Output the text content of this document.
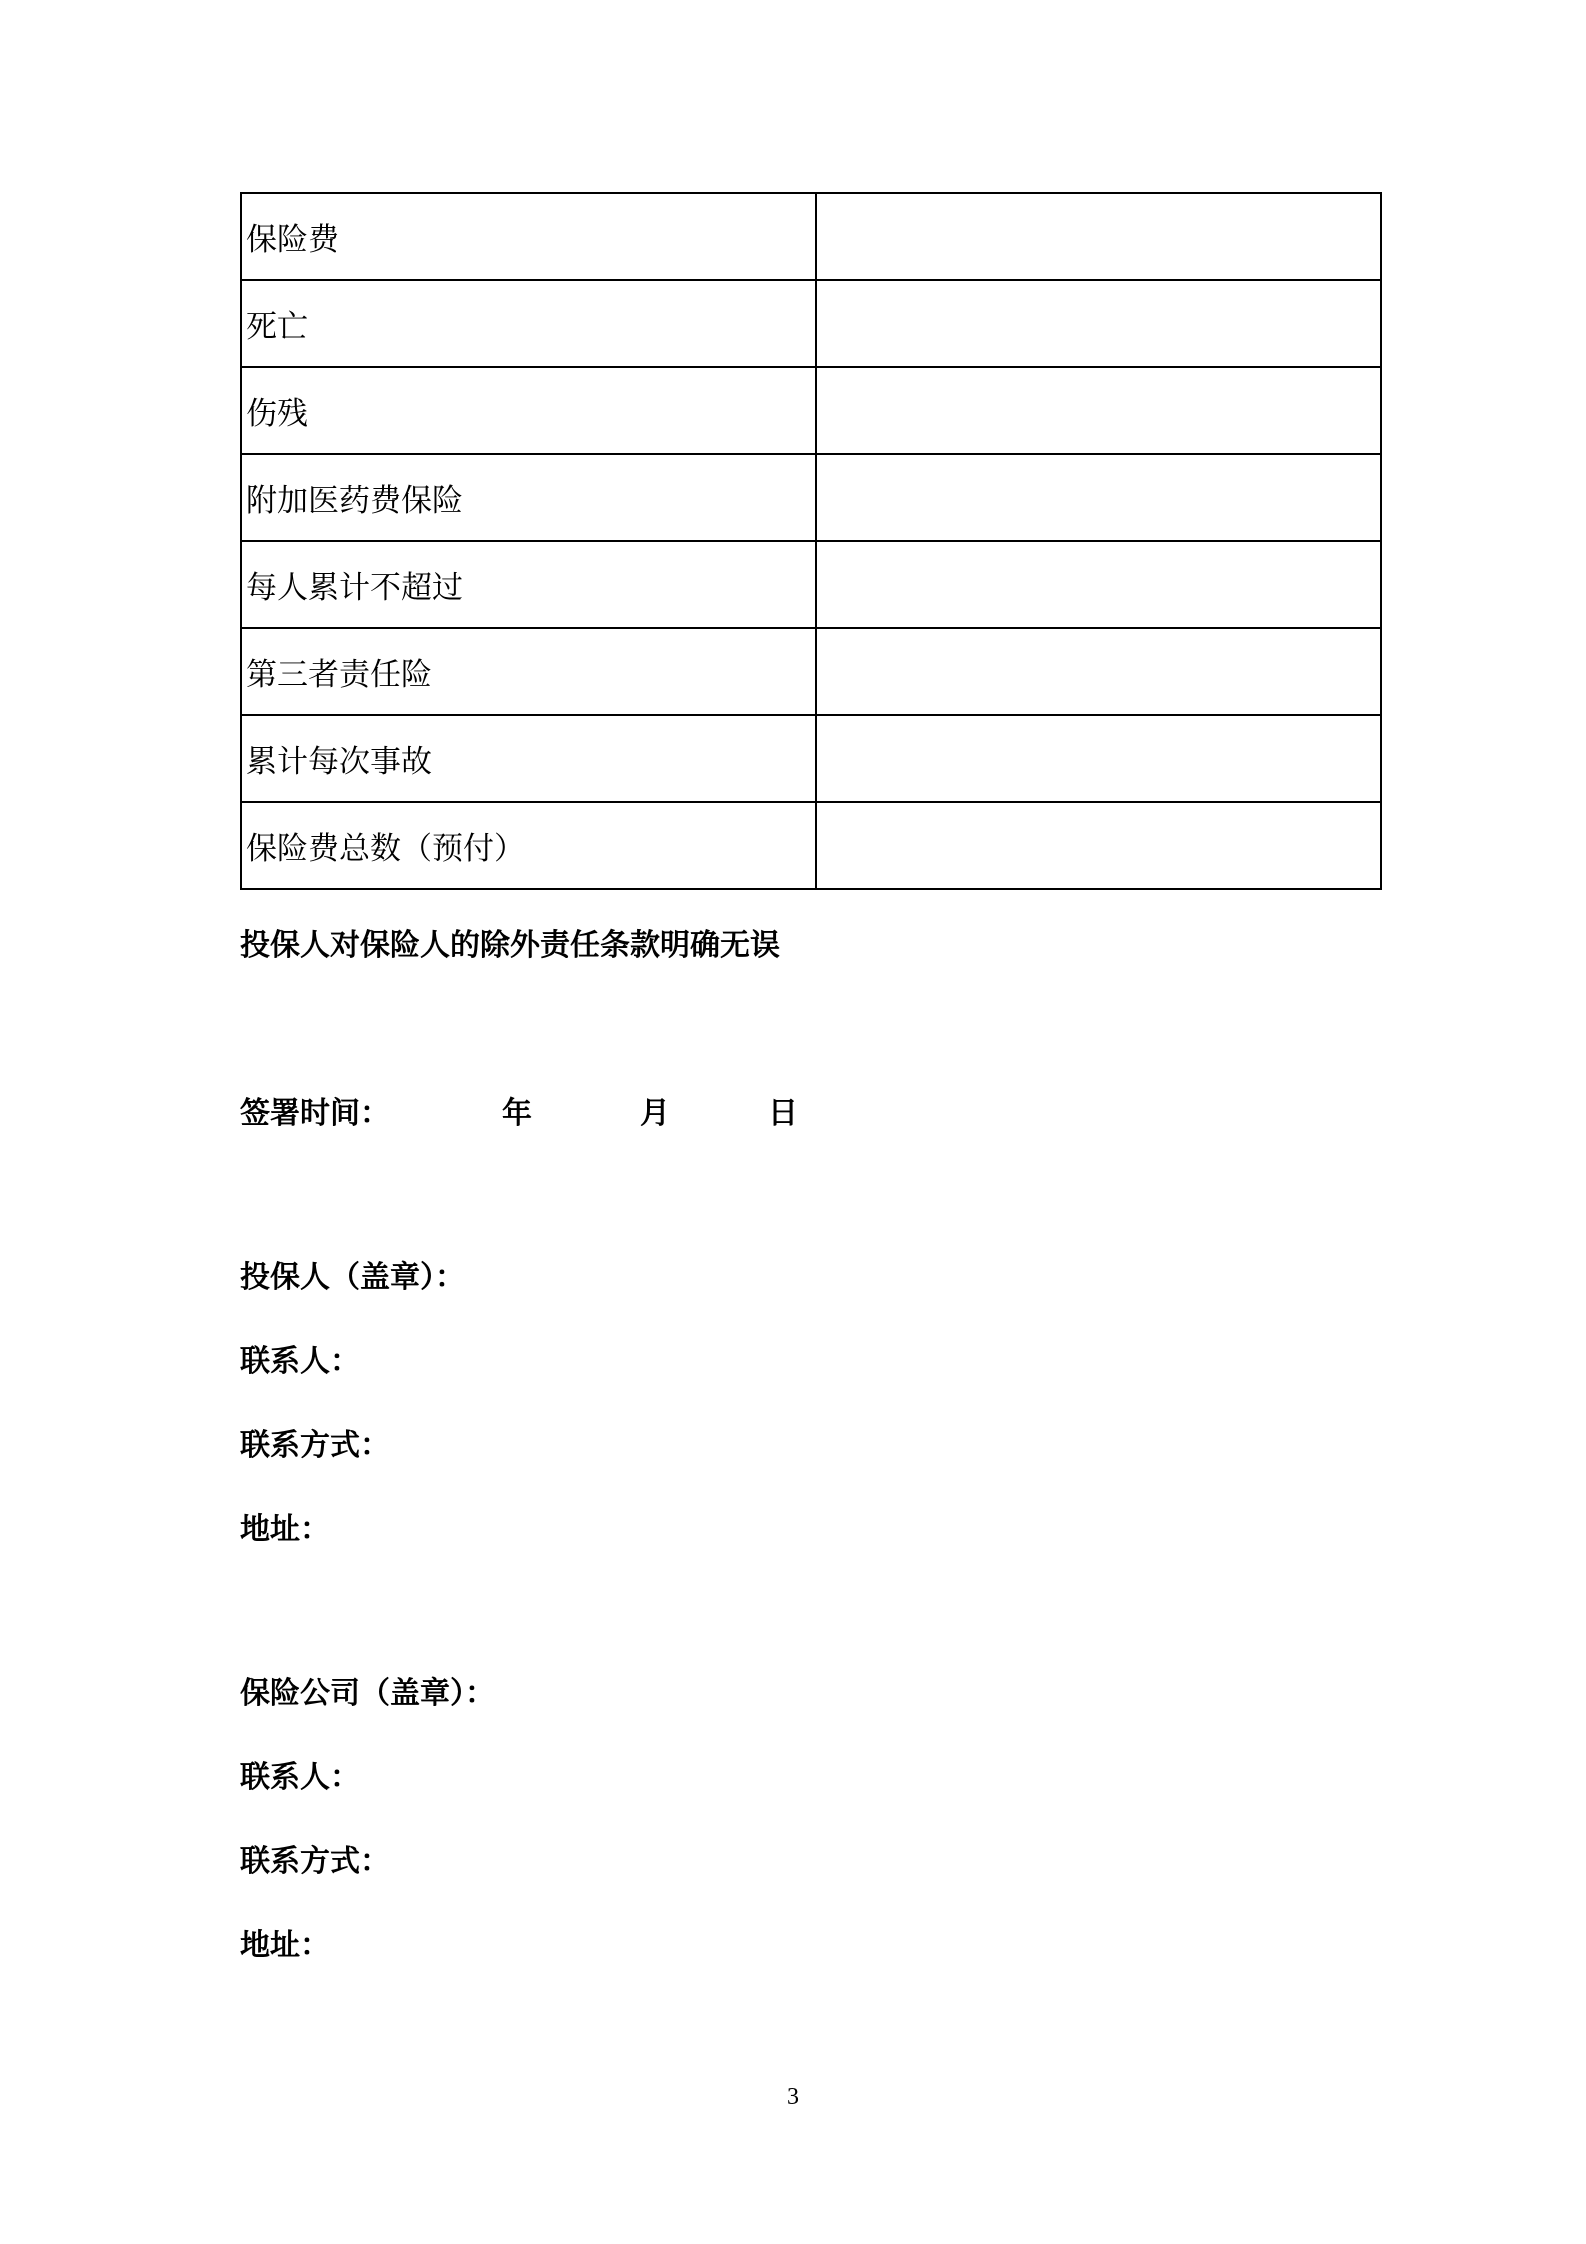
保险费	
死亡	
伤残	
附加医药费保险	
每人累计不超过	
第三者责任险	
累计每次事故	
保险费总数（预付）	
投保人对保险人的除外责任条款明确无误
签署时间：	年	月	日
投保人（盖章）：
联系人：
联系方式：
地址：
保险公司（盖章）：
联系人：
联系方式：
地址：
3
